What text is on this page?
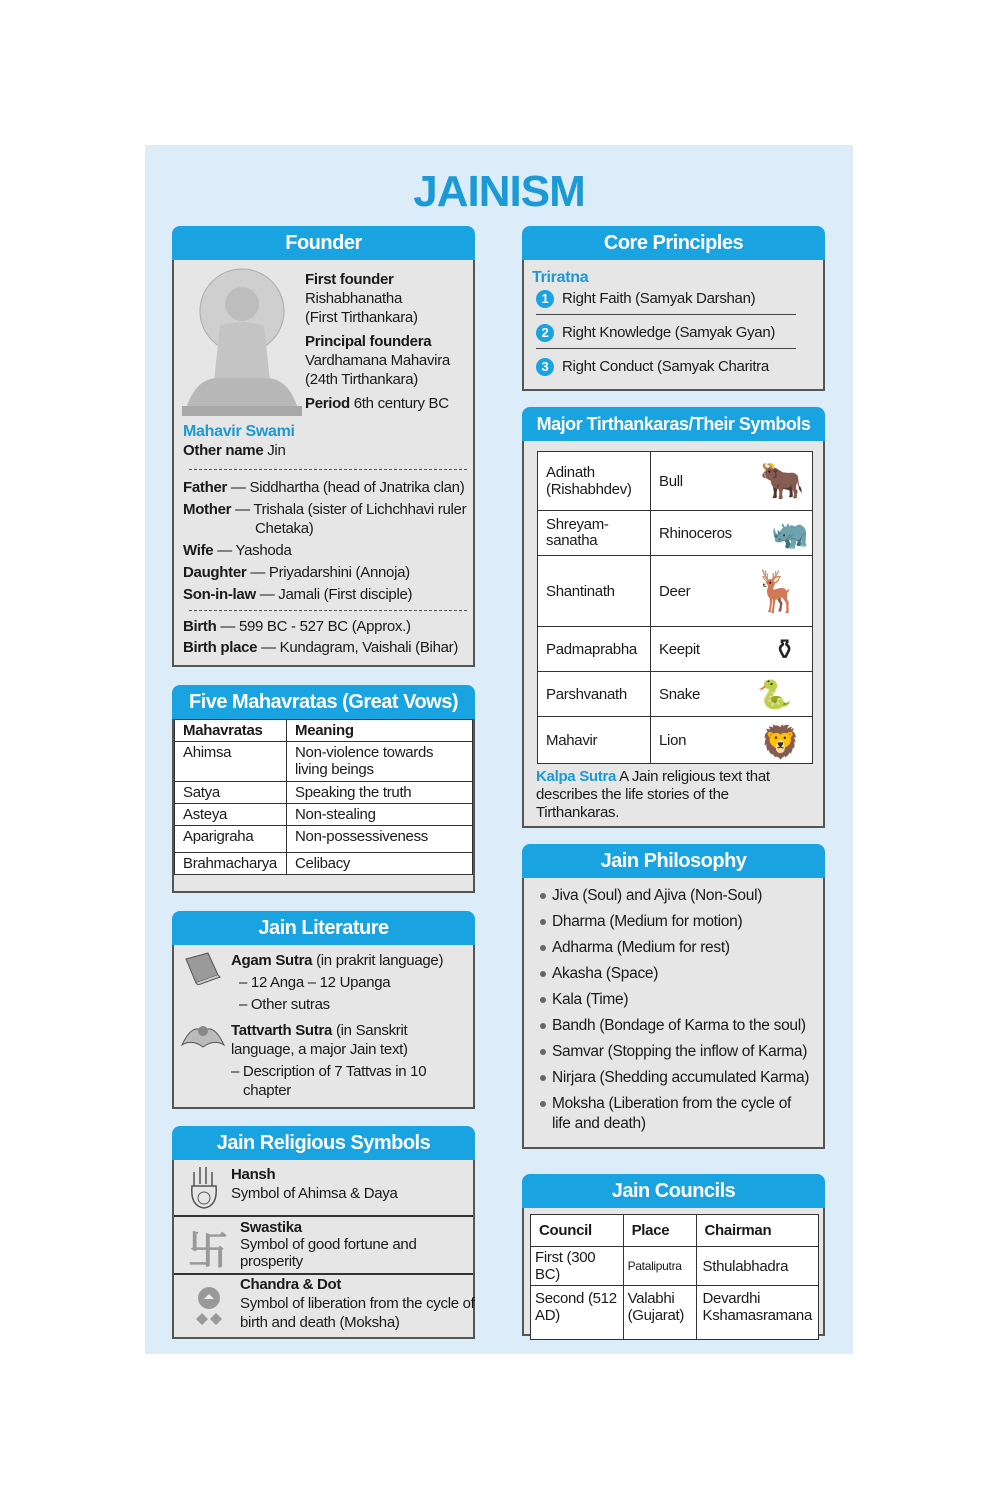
JAINISM
Founder
First founder
Rishabhanatha
(First Tirthankara)
Principal foundera
Vardhamana Mahavira
(24th Tirthankara)
Period 6th century BC
Mahavir Swami
Other name Jin
Father — Siddhartha (head of Jnatrika clan)
Mother — Trishala (sister of Lichchhavi ruler Chetaka)
Wife — Yashoda
Daughter — Priyadarshini (Annoja)
Son-in-law — Jamali (First disciple)
Birth — 599 BC - 527 BC (Approx.)
Birth place — Kundagram, Vaishali (Bihar)
Five Mahavratas (Great Vows)
Mahavratas	Meaning
Ahimsa	Non-violence towards living beings
Satya	Speaking the truth
Asteya	Non-stealing
Aparigraha	Non-possessiveness
Brahmacharya	Celibacy
Jain Literature
Agam Sutra (in prakrit language)
– 12 Anga – 12 Upanga
– Other sutras
Tattvarth Sutra (in Sanskrit language, a major Jain text)
– Description of 7 Tattvas in 10 chapter
Jain Religious Symbols
Hansh
Symbol of Ahimsa & Daya
卐
Swastika
Symbol of good fortune and prosperity
Chandra & Dot
Symbol of liberation from the cycle of birth and death (Moksha)
Core Principles
Triratna
1 Right Faith (Samyak Darshan)
2 Right Knowledge (Samyak Gyan)
3 Right Conduct (Samyak Charitra
Major Tirthankaras/Their Symbols
Adinath (Rishabhdev)	Bull 🐂

Shreyam-sanatha	Rhinoceros 🦏

Shantinath	Deer 🦌

Padmaprabha	Keepit ⚱

Parshvanath	Snake 🐍

Mahavir	Lion 🦁
Kalpa Sutra A Jain religious text that describes the life stories of the Tirthankaras.
Jain Philosophy
Jiva (Soul) and Ajiva (Non-Soul)
Dharma (Medium for motion)
Adharma (Medium for rest)
Akasha (Space)
Kala (Time)
Bandh (Bondage of Karma to the soul)
Samvar (Stopping the inflow of Karma)
Nirjara (Shedding accumulated Karma)
Moksha (Liberation from the cycle of life and death)
Jain Councils
Council	Place	Chairman
First (300 BC)	Pataliputra	Sthulabhadra
Second (512 AD)	Valabhi (Gujarat)	Devardhi Kshamasramana
